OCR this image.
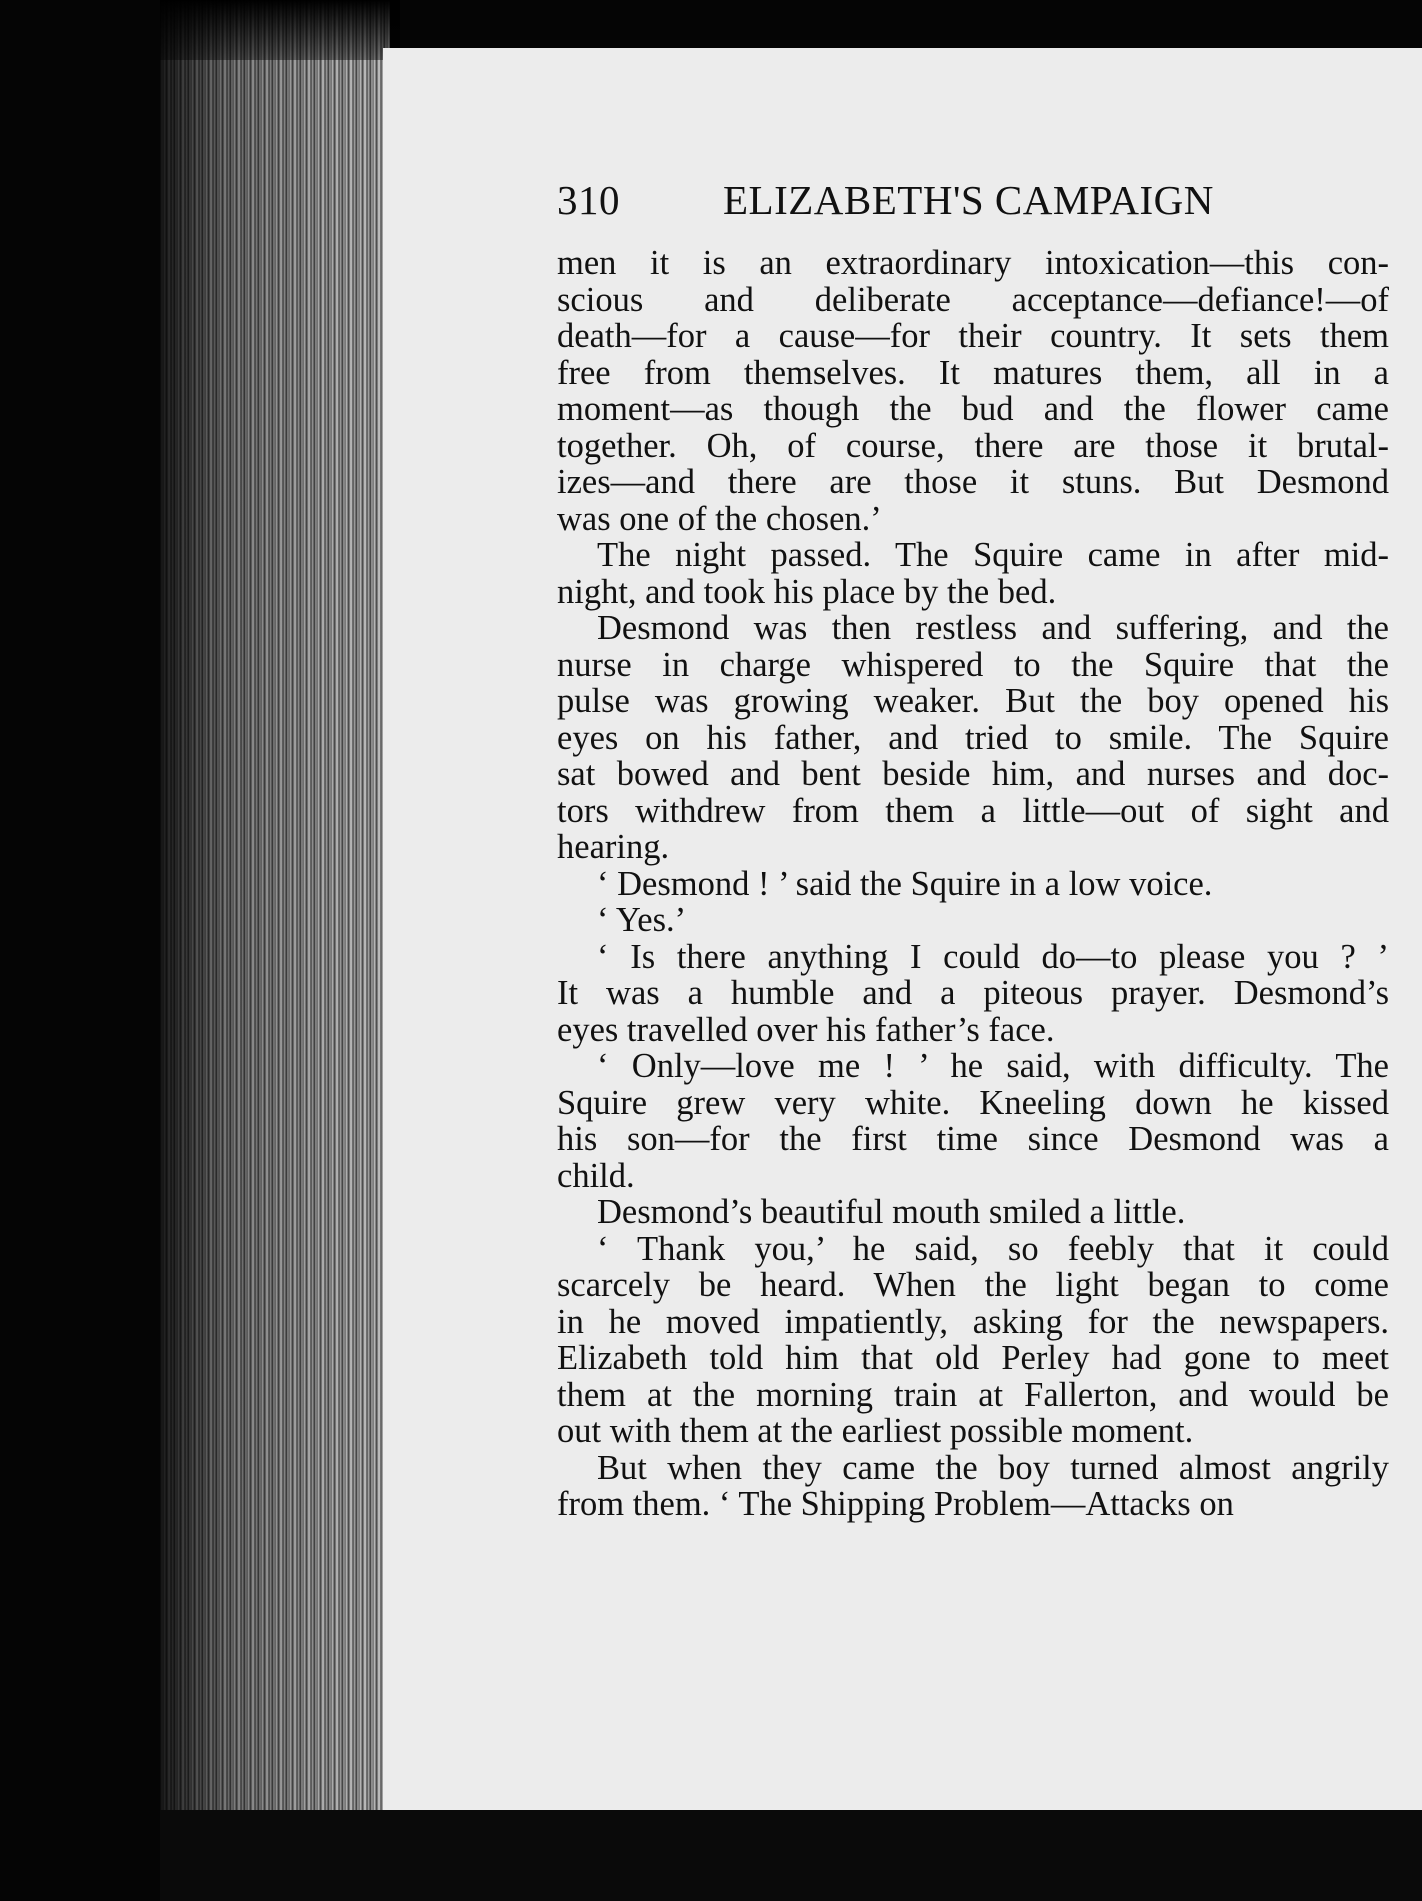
310	ELIZABETH'S CAMPAIGN

men it is an extraordinary intoxication—this con-
scious and deliberate acceptance—defiance!—of
death—for a cause—for their country. It sets them
free from themselves. It matures them, all in a
moment—as though the bud and the flower came
together. Oh, of course, there are those it brutal-
izes—and there are those it stuns. But Desmond
was one of the chosen.’

The night passed. The Squire came in after mid-
night, and took his place by the bed.

Desmond was then restless and suffering, and the
nurse in charge whispered to the Squire that the
pulse was growing weaker. But the boy opened his
eyes on his father, and tried to smile. The Squire
sat bowed and bent beside him, and nurses and doc-
tors withdrew from them a little—out of sight and
hearing.

‘ Desmond ! ’ said the Squire in a low voice.

‘ Yes.’

‘ Is there anything I could do—to please you ? ’
It was a humble and a piteous prayer. Desmond’s
eyes travelled over his father’s face.

‘ Only—love me ! ’ he said, with difficulty. The
Squire grew very white. Kneeling down he kissed
his son—for the first time since Desmond was a
child.

Desmond’s beautiful mouth smiled a little.

‘ Thank you,’ he said, so feebly that it could
scarcely be heard. When the light began to come
in he moved impatiently, asking for the newspapers.
Elizabeth told him that old Perley had gone to meet
them at the morning train at Fallerton, and would be
out with them at the earliest possible moment.

But when they came the boy turned almost angrily
from them. ‘ The Shipping Problem—Attacks on
